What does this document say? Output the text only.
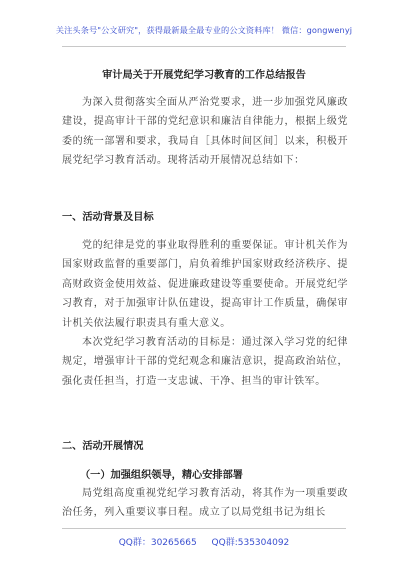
关注头条号"公文研究"，获得最新最全最专业的公文资料库！ 微信：gongwenyj
审计局关于开展党纪学习教育的工作总结报告

为深入贯彻落实全面从严治党要求，进一步加强党风廉政建设，提高审计干部的党纪意识和廉洁自律能力，根据上级党委的统一部署和要求，我局自［具体时间区间］以来，积极开展党纪学习教育活动。现将活动开展情况总结如下：

一、活动背景及目标

党的纪律是党的事业取得胜利的重要保证。审计机关作为国家财政监督的重要部门，肩负着维护国家财政经济秩序、提高财政资金使用效益、促进廉政建设等重要使命。开展党纪学习教育，对于加强审计队伍建设，提高审计工作质量，确保审计机关依法履行职责具有重大意义。

本次党纪学习教育活动的目标是：通过深入学习党的纪律规定，增强审计干部的党纪观念和廉洁意识，提高政治站位，强化责任担当，打造一支忠诚、干净、担当的审计铁军。

二、活动开展情况
（一）加强组织领导，精心安排部署

局党组高度重视党纪学习教育活动，将其作为一项重要政治任务，列入重要议事日程。成立了以局党组书记为组长

QQ群：30265665 QQ群:535304092
